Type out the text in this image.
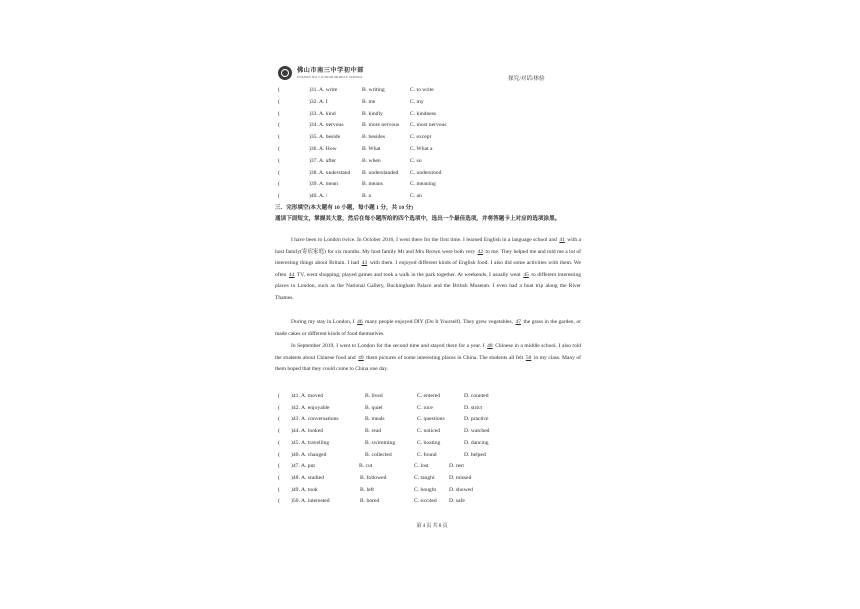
佛山市南三中学初中部
FOSHAN NO.3 JUNIOR MIDDLE SCHOOL	探究/对话/体验
(	)31. A. write	B. writing	C. to write
(	)32. A. I	B. me	C. my
(	)33. A. kind	B. kindly	C. kindness
(	)34. A. nervous	B. more nervous C. most nervous
(	)35. A. beside	B. besides	C. except
(	)36. A. How	B. What	C. What a
(	)37. A. after	B. when	C. so
(	)38. A. understand B. understanded C. understood
(	)39. A. mean	B. means	C. meaning
(	)40. A. /	B. a	C. an
三．完形填空(本大题有 10 小题，每小题 1 分，共 10 分)
通读下面短文，掌握其大意，然后在每小题所给的四个选项中，选出一个最佳选项，并将答题卡上对应的选项涂黑。
I have been to London twice. In October 2016, I went there for the first time. I learned English in a language school and 41 with a host family(寄宿家庭) for six months. My host family Mr and Mrs Brown were both very 42 to me. They helped me and told me a lot of interesting things about Britain. I had 43 with them. I enjoyed different kinds of English food. I also did some activities with them. We often 44 TV, went shopping, played games and took a walk in the park together. At weekends, I usually went 45 to different interesting places in London, such as the National Gallery, Buckingham Palace and the British Museum. I even had a boat trip along the River Thames.
During my stay in London, I 46 many people enjoyed DIY (Do It Yourself). They grew vegetables, 47 the grass in the garden, or made cakes or different kinds of food themselves.
In September 2019, I went to London for the second time and stayed there for a year. I 48 Chinese in a middle school. I also told the students about Chinese food and 49 them pictures of some interesting places in China. The students all felt 50 in my class. Many of them hoped that they could come to China one day.
( )41. A. moved	B. lived	C. entered	D. counted
( )42. A. enjoyable	B. quiet	C. nice	D. strict
( )43. A. conversations	B. meals	C. questions	D. practice
( )44. A. looked	B. read	C. noticed	D. watched
( )45. A. travelling	B. swimming	C. boating	D. dancing
( )46. A. changed	B. collected	C. found	D. helped
( )47. A. put	B. cut	C. lost	D. rest
( )48. A. studied	B. followed	C. taught	D. missed
( )49. A. took	B. left	C. bought D. showed
( )50. A. interested	B. bored	C. excited D. safe
第 4 页 共 8 页
